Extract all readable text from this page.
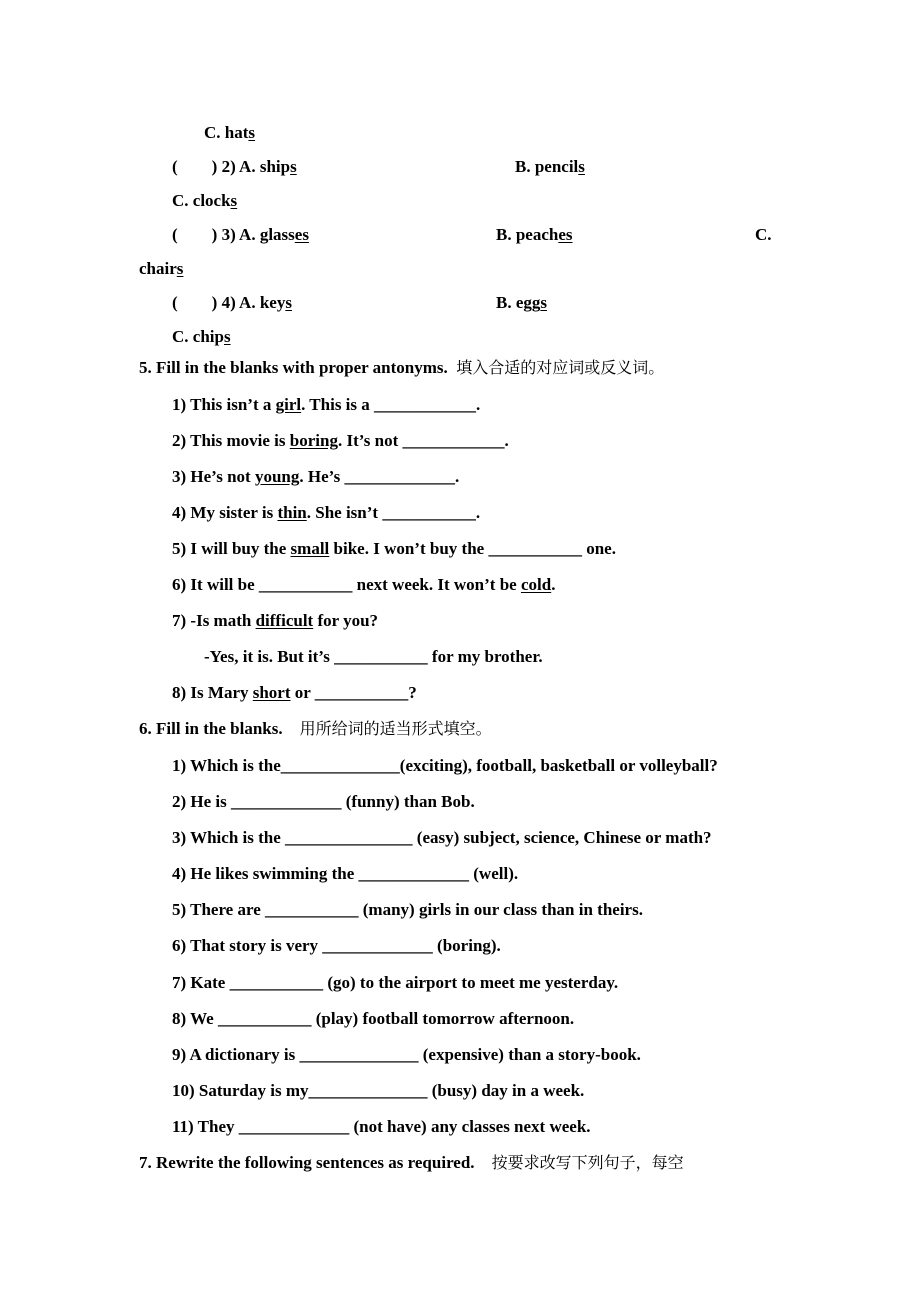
C. hats
(        ) 2) A. ships	B. pencils
C. clocks
(        ) 3) A. glasses	B. peaches	C.
chairs
(        ) 4) A. keys	B. eggs
C. chips
5. Fill in the blanks with proper antonyms.  填入合适的对应词或反义词。
1) This isn’t a girl. This is a ____________.
2) This movie is boring. It’s not ____________.
3) He’s not young. He’s _____________.
4) My sister is thin. She isn’t ___________.
5) I will buy the small bike. I won’t buy the ___________ one.
6) It will be ___________ next week. It won’t be cold.
7) -Is math difficult for you?
-Yes, it is. But it’s ___________ for my brother.
8) Is Mary short or ___________?
6. Fill in the blanks.    用所给词的适当形式填空。
1) Which is the______________(exciting), football, basketball or volleyball?
2) He is _____________ (funny) than Bob.
3) Which is the _______________ (easy) subject, science, Chinese or math?
4) He likes swimming the _____________ (well).
5) There are ___________ (many) girls in our class than in theirs.
6) That story is very _____________ (boring).
7) Kate ___________ (go) to the airport to meet me yesterday.
8) We ___________ (play) football tomorrow afternoon.
9) A dictionary is ______________ (expensive) than a story-book.
10) Saturday is my______________ (busy) day in a week.
11) They _____________ (not have) any classes next week.
7. Rewrite the following sentences as required.    按要求改写下列句子，每空
